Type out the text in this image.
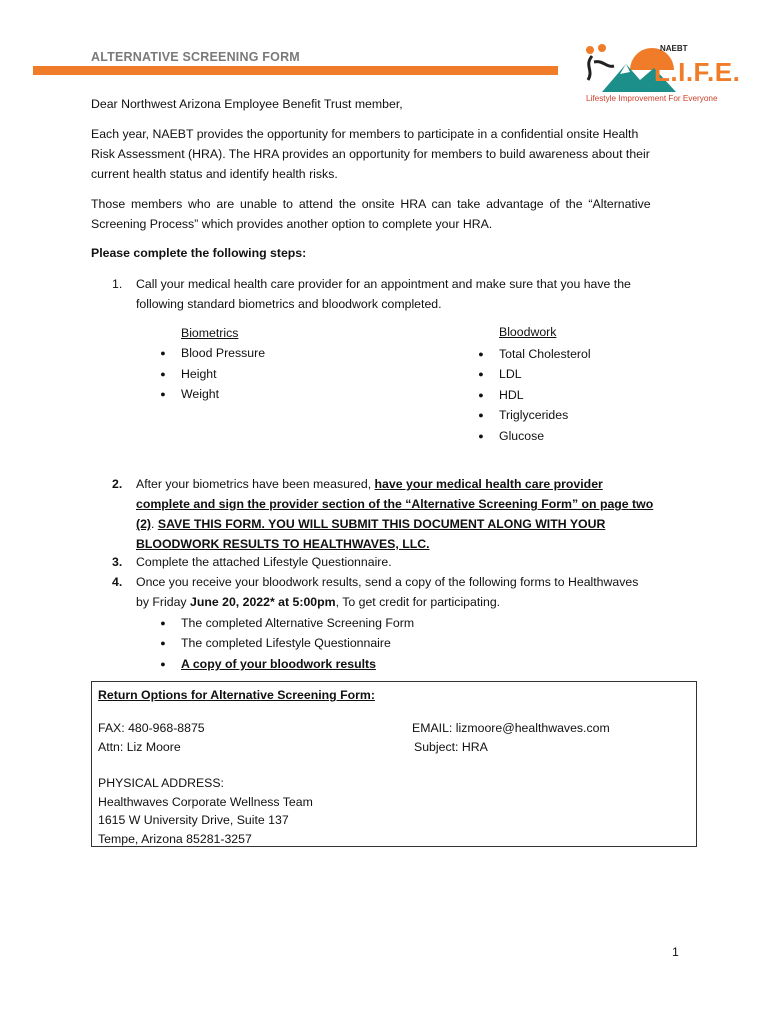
ALTERNATIVE SCREENING FORM
NAEBT
L.I.F.E.
Lifestyle Improvement For Everyone
Dear Northwest Arizona Employee Benefit Trust member,
Each year, NAEBT provides the opportunity for members to participate in a confidential onsite Health
Risk Assessment (HRA). The HRA provides an opportunity for members to build awareness about their
current health status and identify health risks.
Those members who are unable to attend the onsite HRA can take advantage of the “Alternative
Screening Process” which provides another option to complete your HRA.
Please complete the following steps:
1. Call your medical health care provider for an appointment and make sure that you have the
following standard biometrics and bloodwork completed.
Biometrics
● Blood Pressure
● Height
● Weight
Bloodwork
● Total Cholesterol
● LDL
● HDL
● Triglycerides
● Glucose
2. After your biometrics have been measured, have your medical health care provider
complete and sign the provider section of the “Alternative Screening Form” on page two
(2). SAVE THIS FORM. YOU WILL SUBMIT THIS DOCUMENT ALONG WITH YOUR
BLOODWORK RESULTS TO HEALTHWAVES, LLC.
3. Complete the attached Lifestyle Questionnaire.
4. Once you receive your bloodwork results, send a copy of the following forms to Healthwaves
by Friday June 20, 2022* at 5:00pm, To get credit for participating.
● The completed Alternative Screening Form
● The completed Lifestyle Questionnaire
● A copy of your bloodwork results
Return Options for Alternative Screening Form:
FAX: 480-968-8875
Attn: Liz Moore
EMAIL: lizmoore@healthwaves.com
Subject: HRA
PHYSICAL ADDRESS:
Healthwaves Corporate Wellness Team
1615 W University Drive, Suite 137
Tempe, Arizona 85281-3257
1
